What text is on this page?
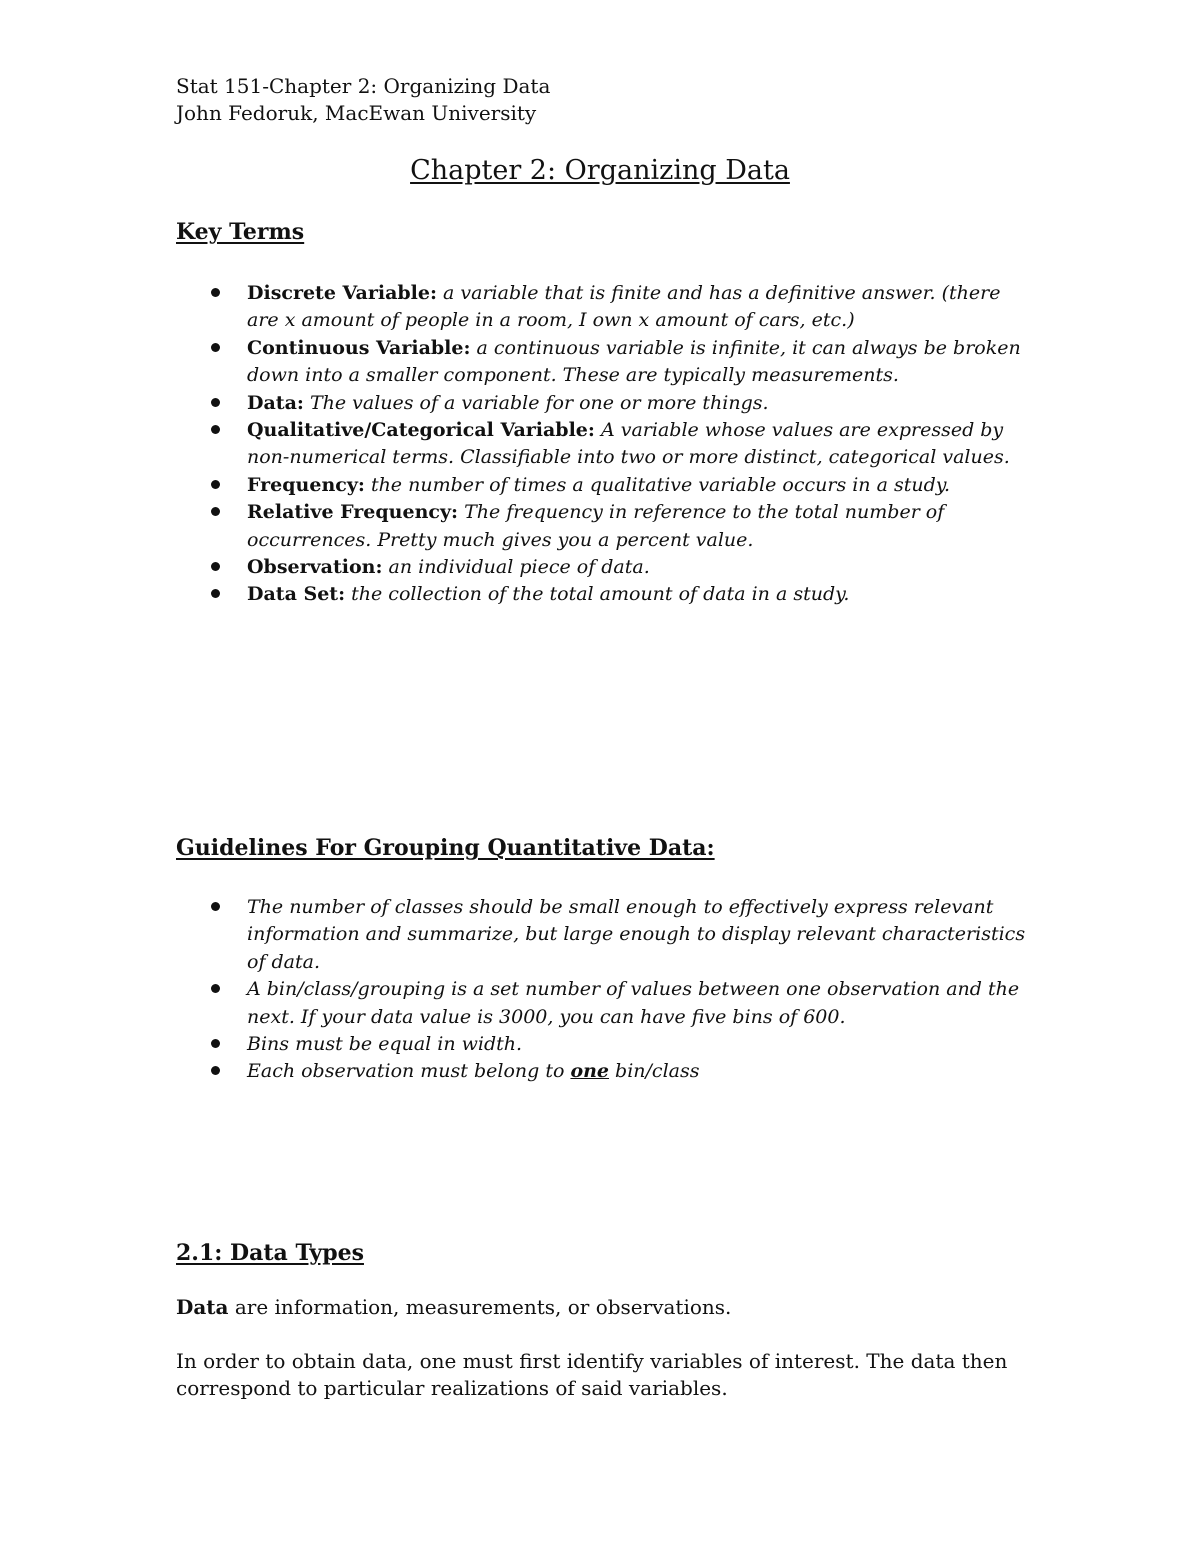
Stat 151-Chapter 2: Organizing Data
John Fedoruk, MacEwan University
Chapter 2: Organizing Data
Key Terms
Discrete Variable: a variable that is finite and has a definitive answer. (there are x amount of people in a room, I own x amount of cars, etc.)
Continuous Variable: a continuous variable is infinite, it can always be broken down into a smaller component. These are typically measurements.
Data: The values of a variable for one or more things.
Qualitative/Categorical Variable: A variable whose values are expressed by non-numerical terms. Classifiable into two or more distinct, categorical values.
Frequency: the number of times a qualitative variable occurs in a study.
Relative Frequency: The frequency in reference to the total number of occurrences. Pretty much gives you a percent value.
Observation: an individual piece of data.
Data Set: the collection of the total amount of data in a study.
Guidelines For Grouping Quantitative Data:
The number of classes should be small enough to effectively express relevant information and summarize, but large enough to display relevant characteristics of data.
A bin/class/grouping is a set number of values between one observation and the next. If your data value is 3000, you can have five bins of 600.
Bins must be equal in width.
Each observation must belong to one bin/class
2.1: Data Types

Data are information, measurements, or observations.

In order to obtain data, one must first identify variables of interest. The data then correspond to particular realizations of said variables.
